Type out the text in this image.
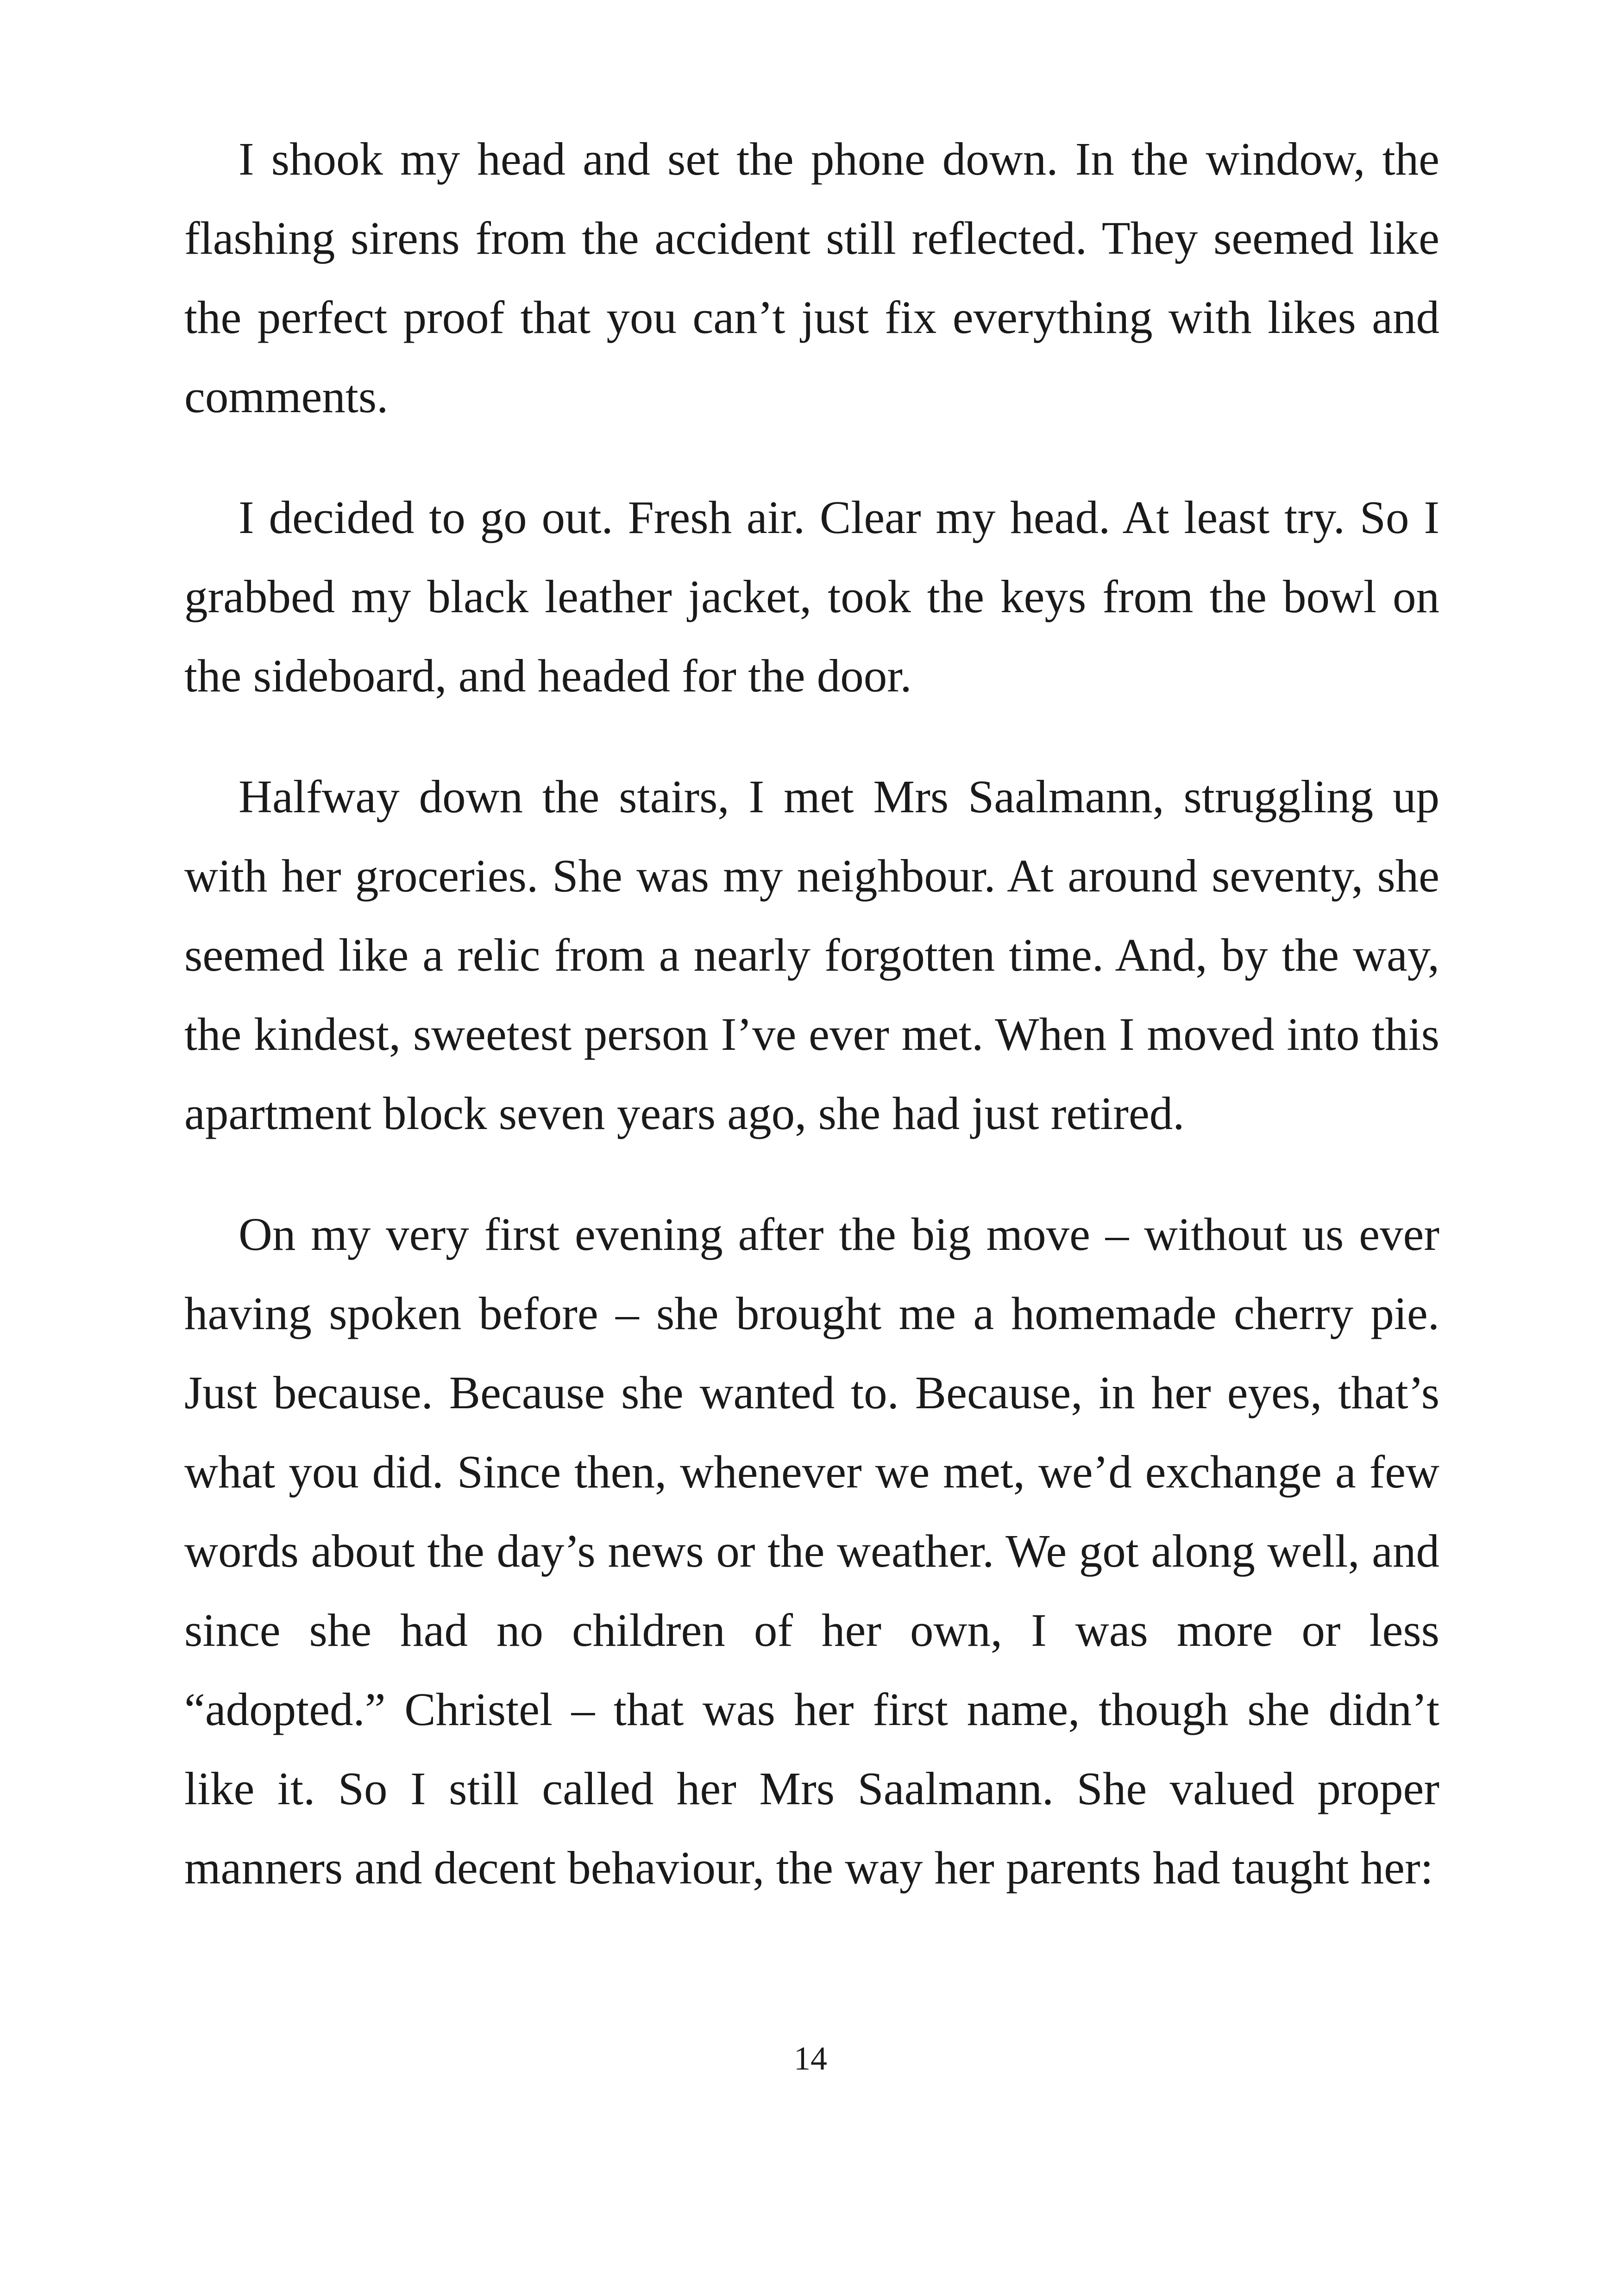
I shook my head and set the phone down. In the window, the flashing sirens from the accident still reflected. They seemed like the perfect proof that you can’t just fix everything with likes and comments.

I decided to go out. Fresh air. Clear my head. At least try. So I grabbed my black leather jacket, took the keys from the bowl on the sideboard, and headed for the door.

Halfway down the stairs, I met Mrs Saalmann, struggling up with her groceries. She was my neighbour. At around seventy, she seemed like a relic from a nearly forgotten time. And, by the way, the kindest, sweetest person I’ve ever met. When I moved into this apartment block seven years ago, she had just retired.

On my very first evening after the big move – without us ever having spoken before – she brought me a homemade cherry pie. Just because. Because she wanted to. Because, in her eyes, that’s what you did. Since then, whenever we met, we’d exchange a few words about the day’s news or the weather. We got along well, and since she had no children of her own, I was more or less “adopted.” Christel – that was her first name, though she didn’t like it. So I still called her Mrs Saalmann. She valued proper manners and decent behaviour, the way her parents had taught her:

14
